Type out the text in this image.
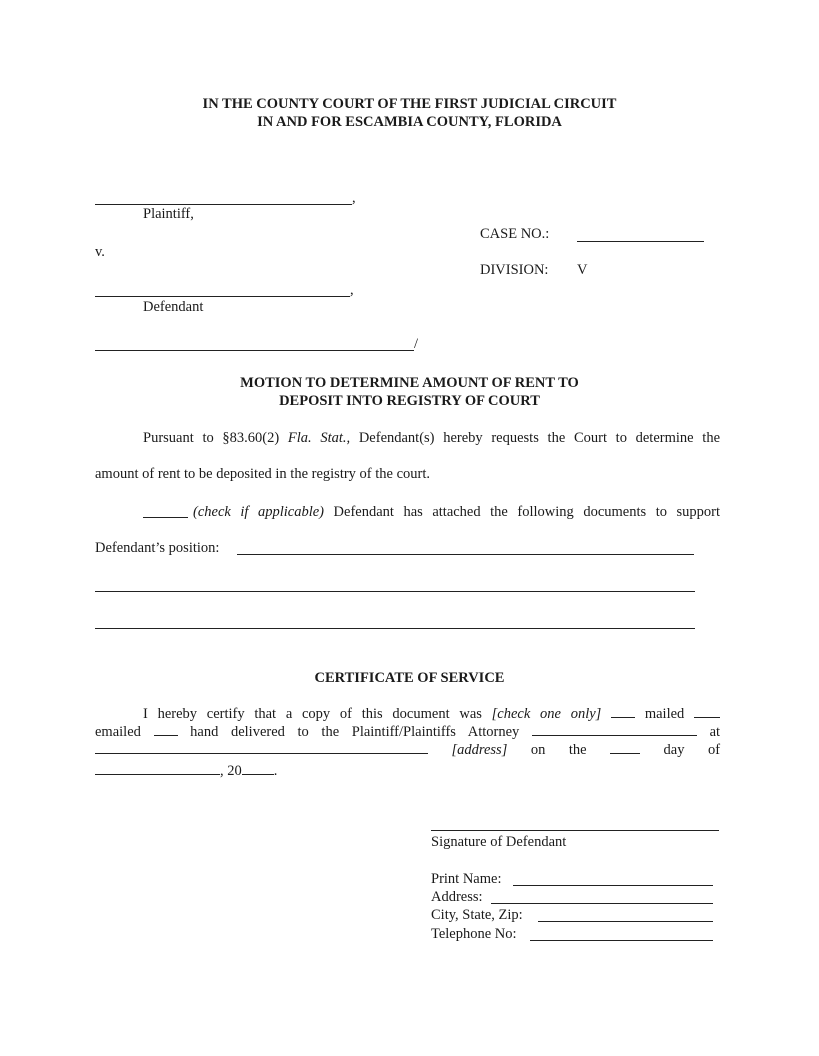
IN THE COUNTY COURT OF THE FIRST JUDICIAL CIRCUIT
IN AND FOR ESCAMBIA COUNTY, FLORIDA
,
Plaintiff,
CASE NO.:
v.
DIVISION: V
,
Defendant
/
MOTION TO DETERMINE AMOUNT OF RENT TO
DEPOSIT INTO REGISTRY OF COURT
Pursuant to §83.60(2) Fla. Stat., Defendant(s) hereby requests the Court to determine the
amount of rent to be deposited in the registry of the court.
(check if applicable) Defendant has attached the following documents to support
Defendant’s position:
CERTIFICATE OF SERVICE
I hereby certify that a copy of this document was [check one only]	mailed
emailed	hand delivered to the Plaintiff/Plaintiffs Attorney	at
[address] on the	day of
, 20 .
Signature of Defendant
Print Name:
Address:
City, State, Zip:
Telephone No:
